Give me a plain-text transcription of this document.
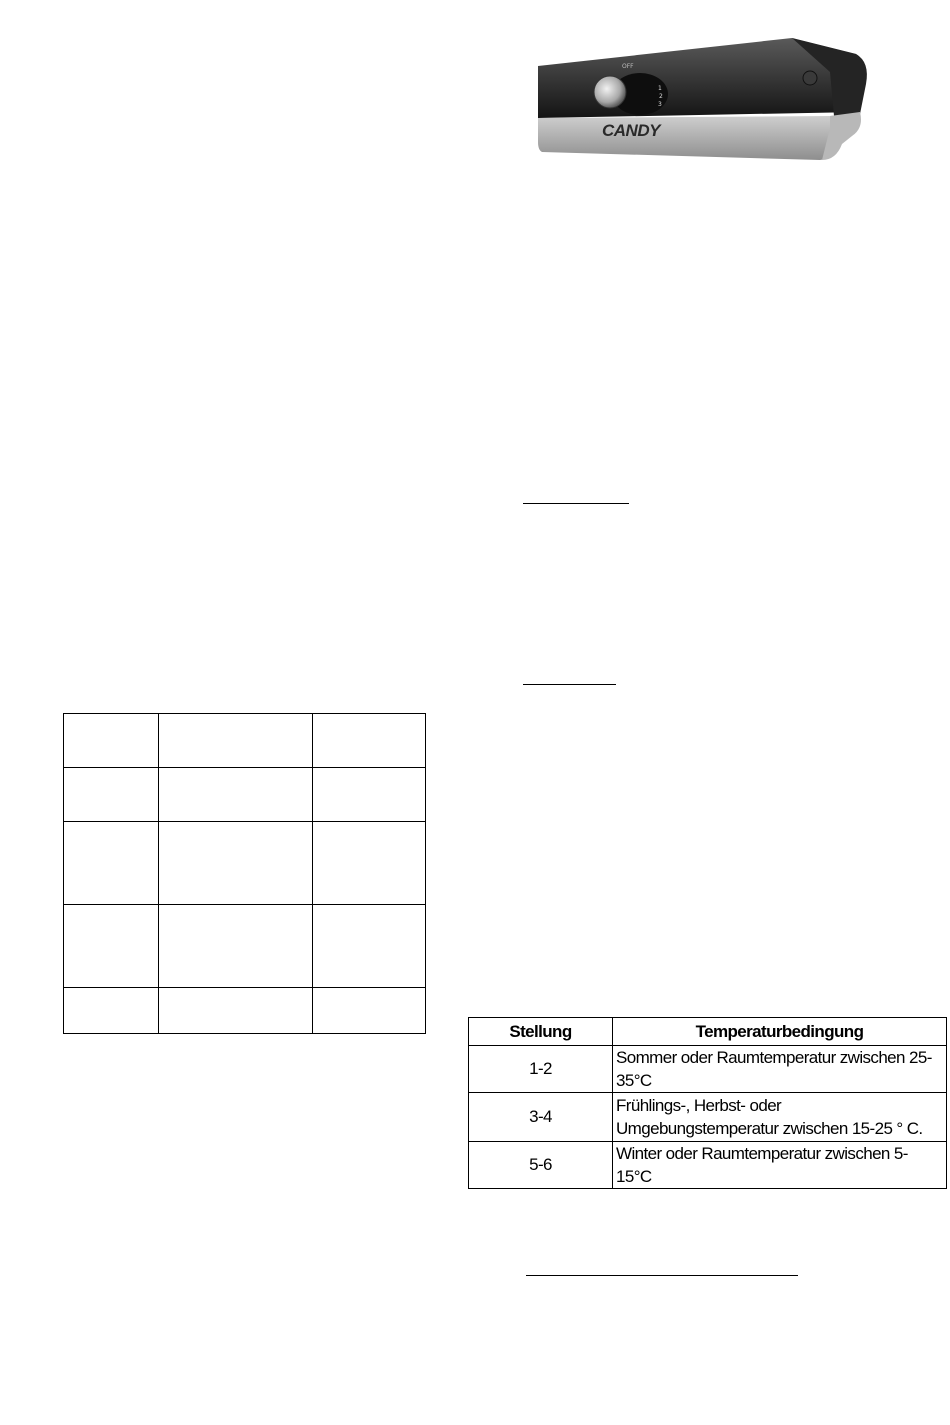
OFF
1
2
3
CANDY

Stellung	Temperaturbedingung
1-2	Sommer oder Raumtemperatur zwischen 25-35°C
3-4	Frühlings-, Herbst- oder Umgebungstemperatur zwischen 15-25 ° C.
5-6	Winter oder Raumtemperatur zwischen 5-15°C
